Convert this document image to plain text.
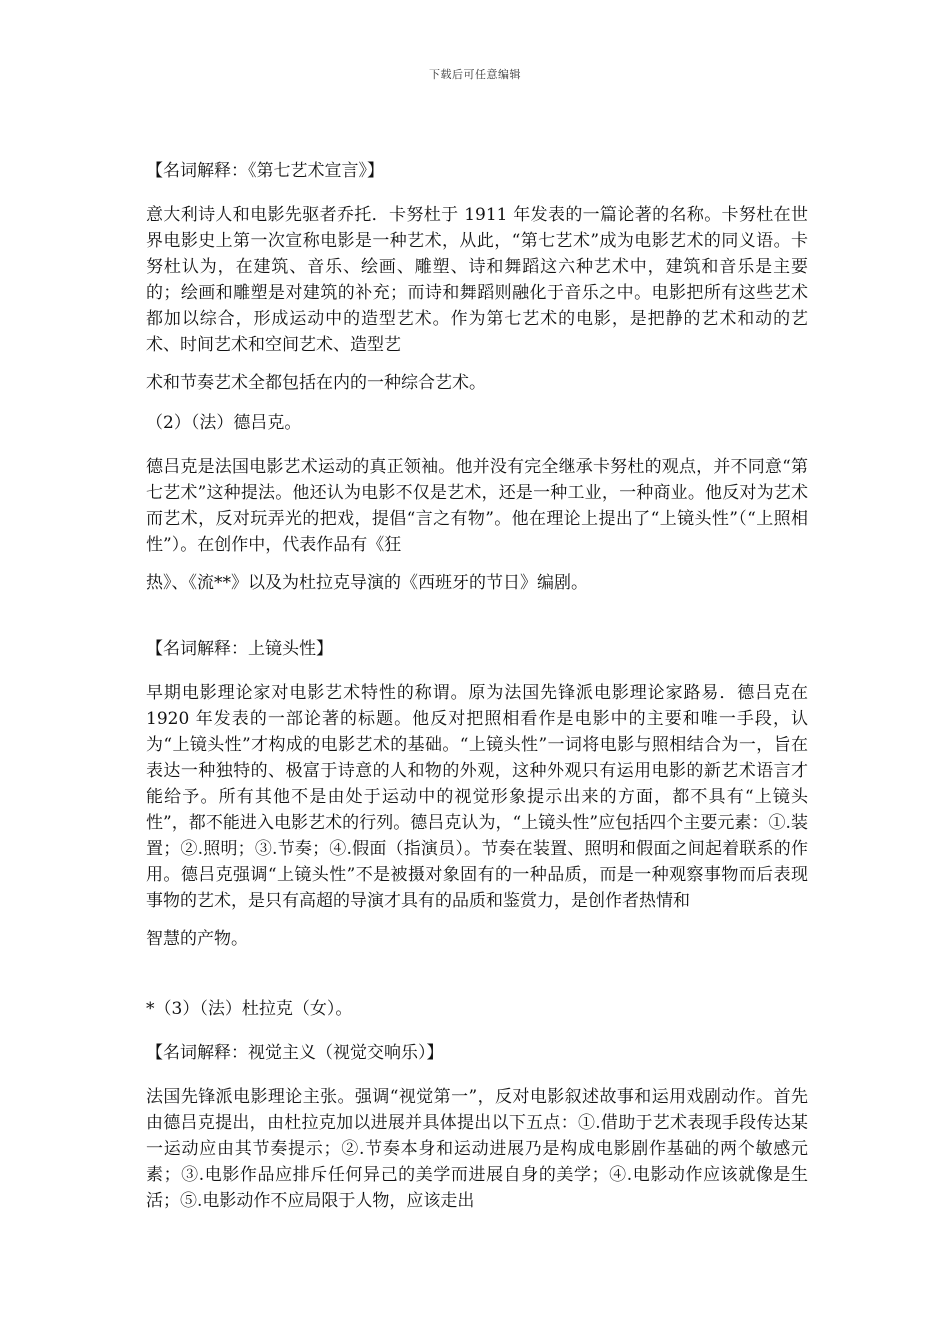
下载后可任意编辑

【名词解释：《第七艺术宣言》】

意大利诗人和电影先驱者乔托．卡努杜于 1911 年发表的一篇论著的名称。卡努杜在世界电影史上第一次宣称电影是一种艺术，从此，“第七艺术”成为电影艺术的同义语。卡努杜认为，在建筑、音乐、绘画、雕塑、诗和舞蹈这六种艺术中，建筑和音乐是主要的；绘画和雕塑是对建筑的补充；而诗和舞蹈则融化于音乐之中。电影把所有这些艺术都加以综合，形成运动中的造型艺术。作为第七艺术的电影，是把静的艺术和动的艺术、时间艺术和空间艺术、造型艺
术和节奏艺术全都包括在内的一种综合艺术。

（2）（法）德吕克。

德吕克是法国电影艺术运动的真正领袖。他并没有完全继承卡努杜的观点，并不同意“第七艺术”这种提法。他还认为电影不仅是艺术，还是一种工业，一种商业。他反对为艺术而艺术，反对玩弄光的把戏，提倡“言之有物”。他在理论上提出了“上镜头性”（“上照相性”）。在创作中，代表作品有《狂
热》、《流**》以及为杜拉克导演的《西班牙的节日》编剧。

【名词解释：上镜头性】

早期电影理论家对电影艺术特性的称谓。原为法国先锋派电影理论家路易．德吕克在 1920 年发表的一部论著的标题。他反对把照相看作是电影中的主要和唯一手段，认为“上镜头性”才构成的电影艺术的基础。“上镜头性”一词将电影与照相结合为一，旨在表达一种独特的、极富于诗意的人和物的外观，这种外观只有运用电影的新艺术语言才能给予。所有其他不是由处于运动中的视觉形象提示出来的方面，都不具有“上镜头性”，都不能进入电影艺术的行列。德吕克认为，“上镜头性”应包括四个主要元素：①.装置；②.照明；③.节奏；④.假面（指演员）。节奏在装置、照明和假面之间起着联系的作用。德吕克强调“上镜头性”不是被摄对象固有的一种品质，而是一种观察事物而后表现事物的艺术，是只有高超的导演才具有的品质和鉴赏力，是创作者热情和
智慧的产物。

*（3）（法）杜拉克（女）。

【名词解释：视觉主义（视觉交响乐）】

法国先锋派电影理论主张。强调“视觉第一”，反对电影叙述故事和运用戏剧动作。首先由德吕克提出，由杜拉克加以进展并具体提出以下五点：①.借助于艺术表现手段传达某一运动应由其节奏提示；②.节奏本身和运动进展乃是构成电影剧作基础的两个敏感元素；③.电影作品应排斥任何异己的美学而进展自身的美学；④.电影动作应该就像是生活；⑤.电影动作不应局限于人物，应该走出
